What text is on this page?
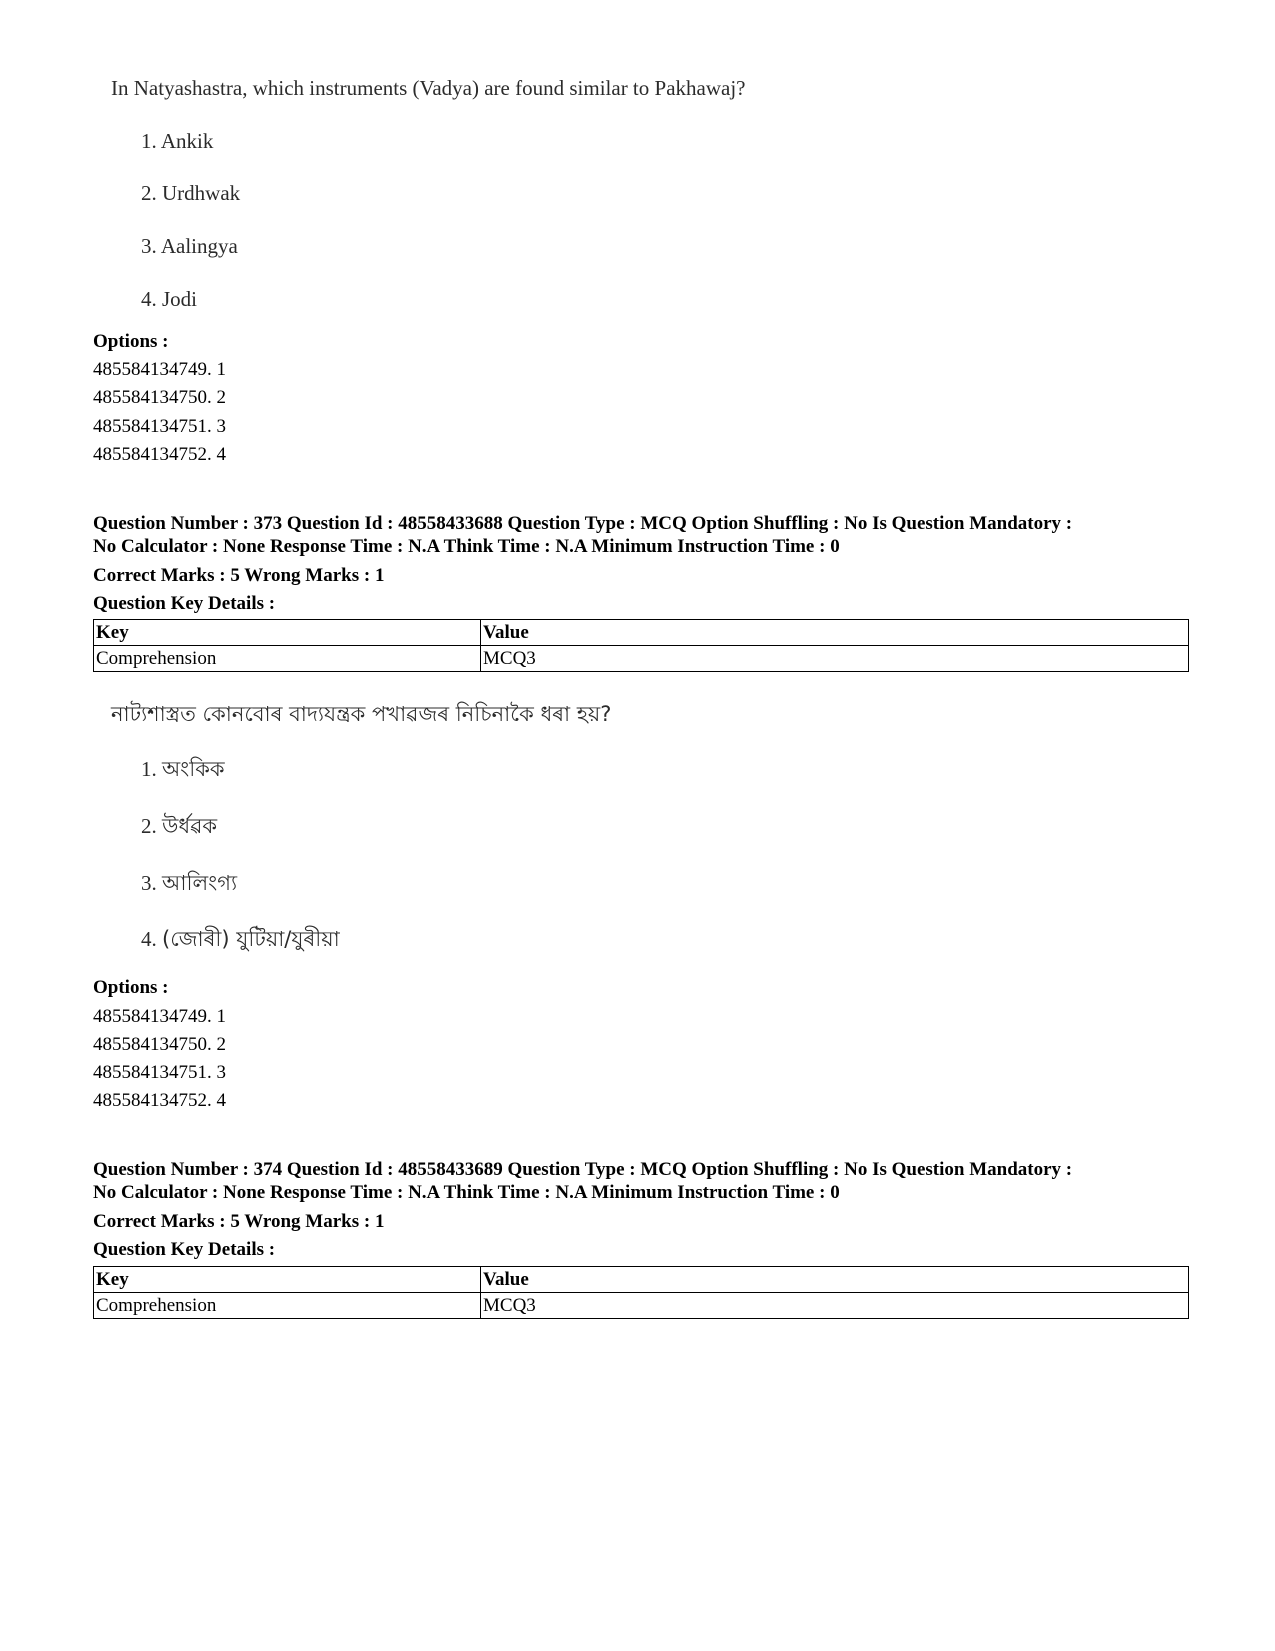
In Natyashastra, which instruments (Vadya) are found similar to Pakhawaj?
1. Ankik
2. Urdhwak
3. Aalingya
4. Jodi
Options :
485584134749. 1
485584134750. 2
485584134751. 3
485584134752. 4
Question Number : 373 Question Id : 48558433688 Question Type : MCQ Option Shuffling : No Is Question Mandatory :
No Calculator : None Response Time : N.A Think Time : N.A Minimum Instruction Time : 0
Correct Marks : 5 Wrong Marks : 1
Question Key Details :
Key	Value
Comprehension	MCQ3
নাট্যশাস্ত্ৰত কোনবোৰ বাদ্যযন্ত্ৰক পখাৱজৰ নিচিনাকৈ ধৰা হয়?
1. অংকিক
2. উৰ্ধৱক
3. আলিংগ্য
4. (জোৰী) যুটিয়া/যুৰীয়া
Options :
485584134749. 1
485584134750. 2
485584134751. 3
485584134752. 4
Question Number : 374 Question Id : 48558433689 Question Type : MCQ Option Shuffling : No Is Question Mandatory :
No Calculator : None Response Time : N.A Think Time : N.A Minimum Instruction Time : 0
Correct Marks : 5 Wrong Marks : 1
Question Key Details :
Key	Value
Comprehension	MCQ3
